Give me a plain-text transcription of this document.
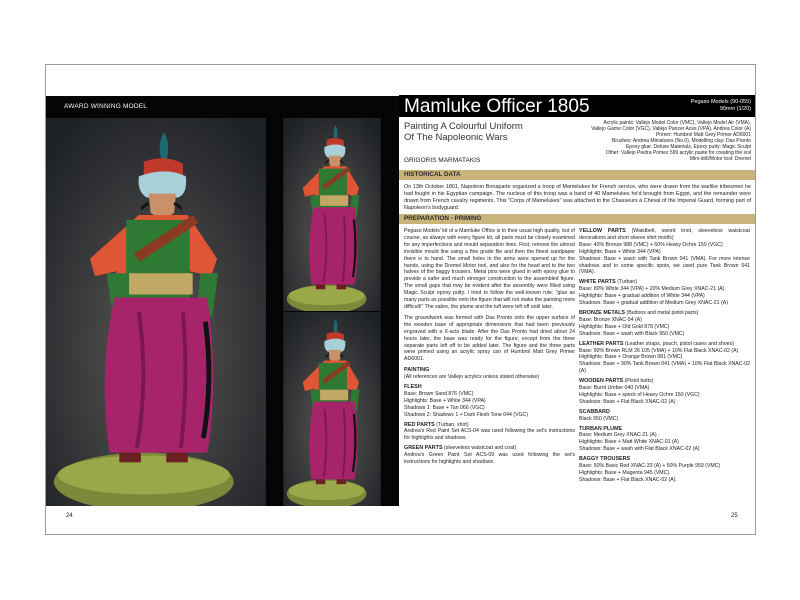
AWARD WINNING MODEL
24
Mamluke Officer 1805	Pegaso Models (90-055)
90mm (1/20)
Painting A Colourful Uniform
Of The Napoleonic Wars
Acrylic paints: Vallejo Model Color (VMC), Vallejo Model Air (VMA),
Vallejo Game Color (VGC), Vallejo Panzer Aces (VPA), Andrea Color (A)
Primer: Humbrol Matt Grey Primer AD6001
Brushes: Andrea Miniatures (No.0), Modelling clay: Das Pronto
Epoxy glue: Deluxe Materials, Epoxy putty: Magic Sculpt
Other: Vallejo Piedra Pomez 599 acrylic paste for creating the soil
Mini-drill/Motor tool: Dremel
GRIGORIS MARMATAKIS
HISTORICAL DATA
On 13th October 1801, Napoleon Bonaparte organized a troop of Mamelukes for French service, who were drawn from the warlike tribesmen he had fought in his Egyptian campaign. The nucleus of this troop was a band of 40 Mamelukes he'd brought from Egypt, and the remainder were drawn from French cavalry regiments. This "Corps of Mamelukes" was attached to the Chasseurs à Cheval of the Imperial Guard, forming part of Napoleon's bodyguard.
PREPARATION - PRIMING

Pegaso Models' kit of a Mamluke Office is to their usual high quality, but of course, as always with every figure kit, all parts must be closely examined for any imperfections and mould separation lines. First, remove the almost invisible mould line using a fine grade file and then the finest sandpaper there is to hand. The small holes in the arms were opened up for the hands, using the Dremel Motor tool, and also for the head and to the two halves of the baggy trousers. Metal pins were glued in with epoxy glue to provide a safer and much stronger construction to the assembled figure. The small gaps that may be evident after the assembly were filled using Magic Sculpt epoxy putty. I tried to follow the well-known rule: "glue as many parts as possible onto the figure that will not make the painting more difficult!" The sabre, the plume and the tuft were left off until later.

The groundwork was formed with Das Pronto onto the upper surface of the wooden base of appropriate dimensions that had been previously engraved with a X-acto blade. After the Das Pronto had dried about 24 hours later, the base was ready for the figure, except from the three separate parts left off to be added later. The figure and the three parts were primed using an acrylic spray can of Humbrol Matt Grey Primer AD6001.

PAINTING
(All references are Vallejo acrylics unless stated otherwise)
FLESH
Base: Brown Sand 876 (VMC)
Highlights: Base + White 344 (VPA)
Shadows 1: Base + Tan 066 (VGC)
Shadows 2: Shadows 1 + Dark Flesh Tone 044 (VGC)
RED PARTS (Turban, shirt)
Andrea's Red Paint Set ACS-04 was used following the set's instructions for highlights and shadows.
GREEN PARTS (sleeveless waistcoat and coat)
Andrea's Green Paint Set ACS-09 was used following the set's instructions for highlights and shadows.
YELLOW PARTS (Waistbelt, sword knot, sleeveless waistcoat decorations and short sleeve shirt motifs)
Base: 40% Bronze 988 (VMC) + 60% Heavy Ochre 150 (VGC)
Highlights: Base + White 344 (VPA)
Shadows: Base + wash with Tank Brown 041 (VMA). For more intense shadows and to some specific spots, we used pure Tank Brown 041 (VMA).
WHITE PARTS (Turban)
Base: 80% White 344 (VPA) + 20% Medium Grey XNAC-21 (A)
Highlights: Base + gradual addition of White 344 (VPA)
Shadows: Base + gradual addition of Medium Grey XNAC-21 (A)
BRONZE METALS (Buttons and metal pistol parts)
Base: Bronze XNAC-54 (A)
Highlights: Base + Old Gold 878 (VMC)
Shadows: Base + wash with Black 950 (VMC)
LEATHER PARTS (Leather straps, pouch, pistol cases and shoes)
Base: 90% Brown RLM 26 105 (VMA) + 10% Flat Black XNAC-02 (A)
Highlights: Base + Orange Brown 981 (VMC)
Shadows: Base + 90% Tank Brown 041 (VMA) + 10% Flat Black XNAC-02 (A)
WOODEN PARTS (Pistol butts)
Base: Burnt Umber 040 (VMA)
Highlights: Base + speck of Heavy Ochre 150 (VGC)
Shadows: Base + Flat Black XNAC-02 (A)
SCABBARD
Black 950 (VMC)
TURBAN PLUME
Base: Medium Grey XNAC-21 (A)
Highlights: Base + Matt White XNAC-01 (A)
Shadows: Base + wash with Flat Black XNAC-02 (A)
BAGGY TROUSERS
Base: 50% Basic Red XNAC-33 (A) + 50% Purple 959 (VMC)
Highlights: Base + Magenta 945 (VMC).
Shadows: Base + Flat Black XNAC-02 (A).
25
